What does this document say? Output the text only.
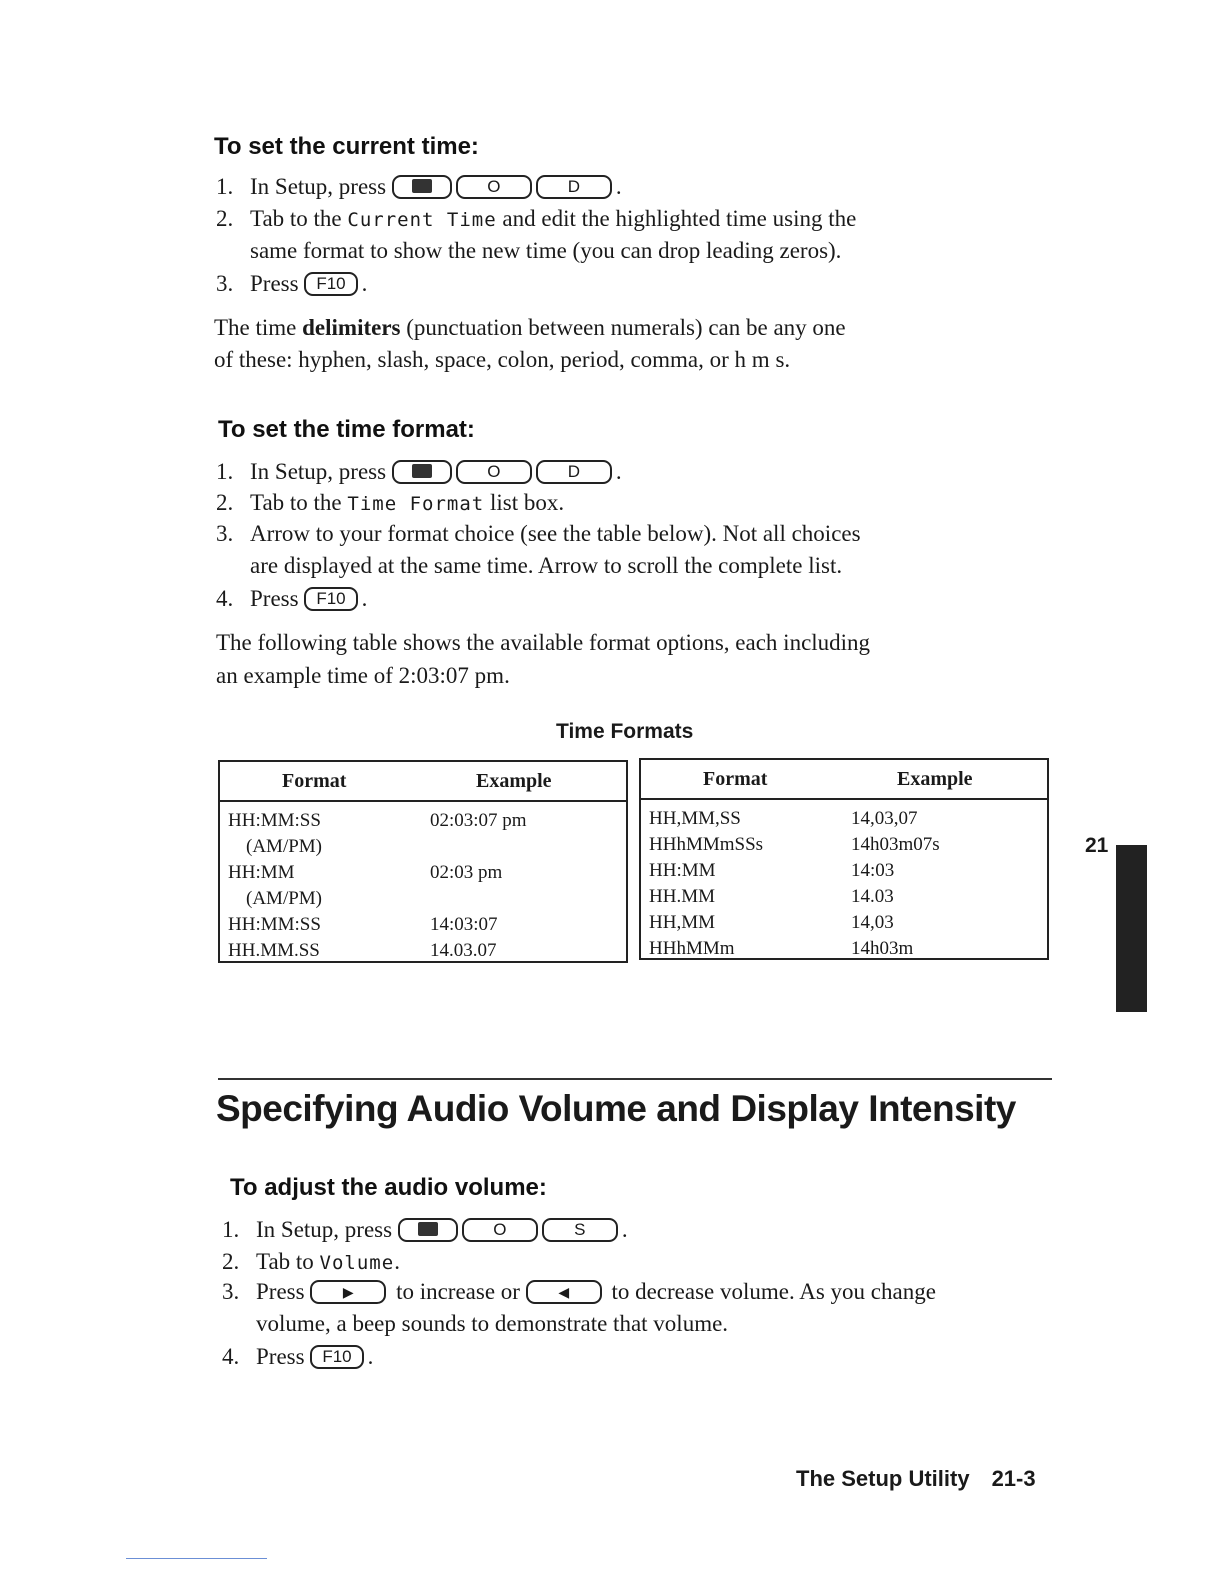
To set the current time:

1. In Setup, press	O	D .

2. Tab to the Current Time and edit the highlighted time using the

same format to show the new time (you can drop leading zeros).

3. Press F10 .

The time delimiters (punctuation between numerals) can be any one

of these: hyphen, slash, space, colon, period, comma, or h m s.

To set the time format:

1. In Setup, press	O	D .

2. Tab to the Time Format list box.

3. Arrow to your format choice (see the table below). Not all choices

are displayed at the same time. Arrow to scroll the complete list.

4. Press F10 .

The following table shows the available format options, each including

an example time of 2:03:07 pm.

Time Formats
Format	Example
HH:MM:SS	02:03:07 pm
(AM/PM)
HH:MM	02:03 pm
(AM/PM)
HH:MM:SS	14:03:07
HH.MM.SS	14.03.07
Format	Example
HH,MM,SS	14,03,07
HHhMMmSSs	14h03m07s
HH:MM	14:03
HH.MM	14.03
HH,MM	14,03
HHhMMm	14h03m

21

Specifying Audio Volume and Display Intensity
To adjust the audio volume:

1. In Setup, press	O	S .

2. Tab to Volume.

3. Press	▶ to increase or	◀ to decrease volume. As you change

volume, a beep sounds to demonstrate that volume.

4. Press F10 .

The Setup Utility 21-3
